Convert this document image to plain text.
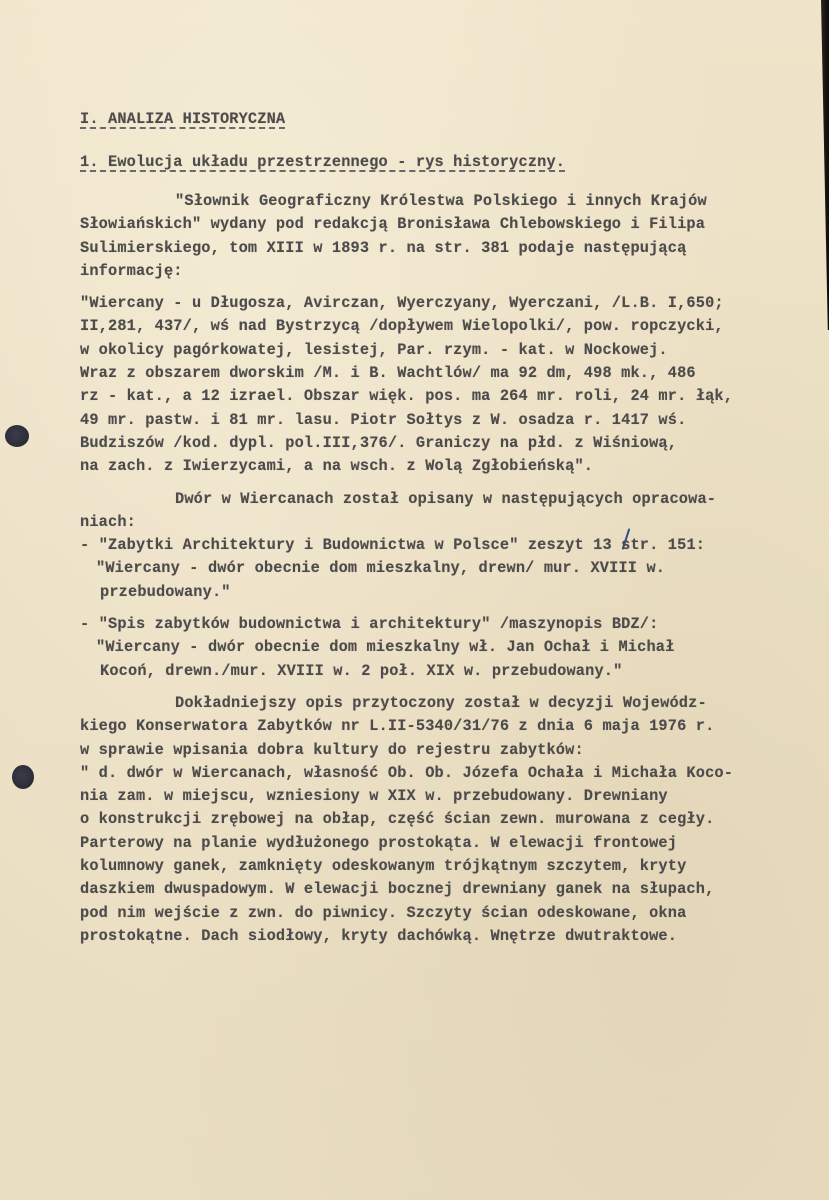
I. ANALIZA HISTORYCZNA
1. Ewolucja układu przestrzennego - rys historyczny.
"Słownik Geograficzny Królestwa Polskiego i innych Krajów
Słowiańskich" wydany pod redakcją Bronisława Chlebowskiego i Filipa
Sulimierskiego, tom XIII w 1893 r. na str. 381 podaje następującą
informację:
"Wiercany - u Długosza, Avirczan, Wyerczyany, Wyerczani, /L.B. I,650;
II,281, 437/, wś nad Bystrzycą /dopływem Wielopolki/, pow. ropczycki,
w okolicy pagórkowatej, lesistej, Par. rzym. - kat. w Nockowej.
Wraz z obszarem dworskim /M. i B. Wachtlów/ ma 92 dm, 498 mk., 486
rz - kat., a 12 izrael. Obszar więk. pos. ma 264 mr. roli, 24 mr. łąk,
49 mr. pastw. i 81 mr. lasu. Piotr Sołtys z W. osadza r. 1417 wś.
Budziszów /kod. dypl. pol.III,376/. Graniczy na płd. z Wiśniową,
na zach. z Iwierzycami, a na wsch. z Wolą Zgłobieńską".
Dwór w Wiercanach został opisany w następujących opracowa-
niach:
- "Zabytki Architektury i Budownictwa w Polsce" zeszyt 13 str. 151:
"Wiercany - dwór obecnie dom mieszkalny, drewn/ mur. XVIII w.
przebudowany."
- "Spis zabytków budownictwa i architektury" /maszynopis BDZ/:
"Wiercany - dwór obecnie dom mieszkalny wł. Jan Ochał i Michał
Kocoń, drewn./mur. XVIII w. 2 poł. XIX w. przebudowany."
Dokładniejszy opis przytoczony został w decyzji Wojewódz-
kiego Konserwatora Zabytków nr L.II-5340/31/76 z dnia 6 maja 1976 r.
w sprawie wpisania dobra kultury do rejestru zabytków:
" d. dwór w Wiercanach, własność Ob. Ob. Józefa Ochała i Michała Koco-
nia zam. w miejscu, wzniesiony w XIX w. przebudowany. Drewniany
o konstrukcji zrębowej na obłap, część ścian zewn. murowana z cegły.
Parterowy na planie wydłużonego prostokąta. W elewacji frontowej
kolumnowy ganek, zamknięty odeskowanym trójkątnym szczytem, kryty
daszkiem dwuspadowym. W elewacji bocznej drewniany ganek na słupach,
pod nim wejście z zwn. do piwnicy. Szczyty ścian odeskowane, okna
prostokątne. Dach siodłowy, kryty dachówką. Wnętrze dwutraktowe.
